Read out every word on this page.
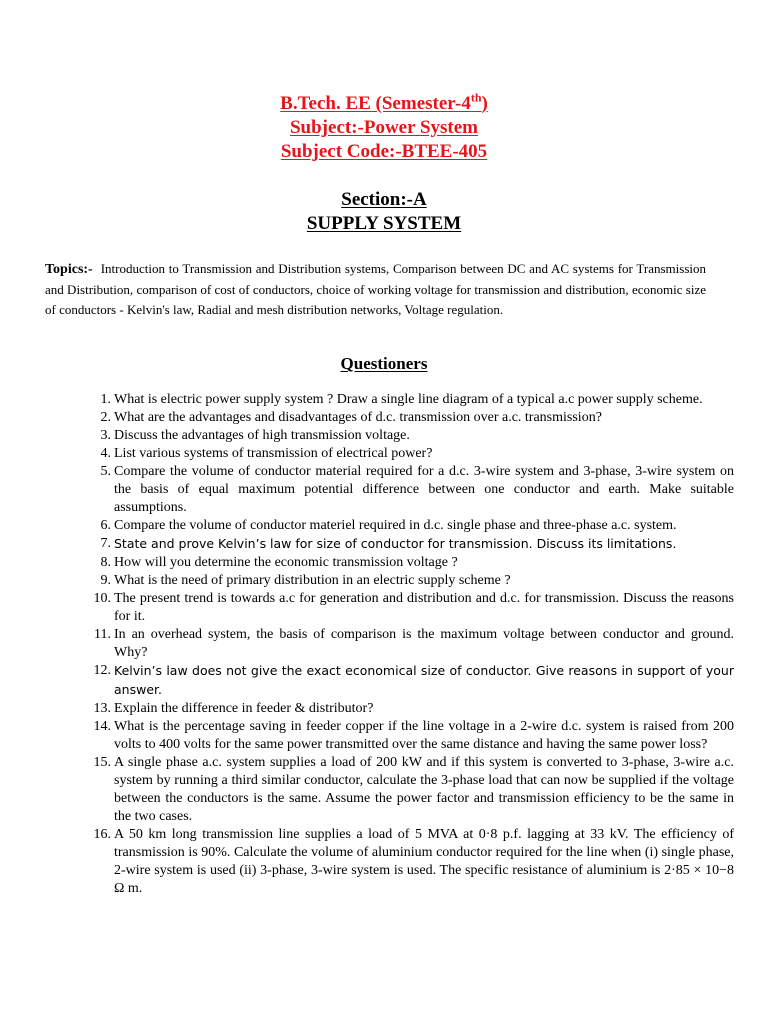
B.Tech. EE (Semester-4th)
Subject:-Power System
Subject Code:-BTEE-405
Section:-A
SUPPLY SYSTEM
Topics:- Introduction to Transmission and Distribution systems, Comparison between DC and AC systems for Transmission and Distribution, comparison of cost of conductors, choice of working voltage for transmission and distribution, economic size of conductors - Kelvin's law, Radial and mesh distribution networks, Voltage regulation.
Questioners
1. What is electric power supply system ? Draw a single line diagram of a typical a.c power supply scheme.
2. What are the advantages and disadvantages of d.c. transmission over a.c. transmission?
3. Discuss the advantages of high transmission voltage.
4. List various systems of transmission of electrical power?
5. Compare the volume of conductor material required for a d.c. 3-wire system and 3-phase, 3-wire system on the basis of equal maximum potential difference between one conductor and earth. Make suitable assumptions.
6. Compare the volume of conductor materiel required in d.c. single phase and three-phase a.c. system.
7. State and prove Kelvin’s law for size of conductor for transmission. Discuss its limitations.
8. How will you determine the economic transmission voltage ?
9. What is the need of primary distribution in an electric supply scheme ?
10. The present trend is towards a.c for generation and distribution and d.c. for transmission. Discuss the reasons for it.
11. In an overhead system, the basis of comparison is the maximum voltage between conductor and ground. Why?
12. Kelvin’s law does not give the exact economical size of conductor. Give reasons in support of your answer.
13. Explain the difference in feeder & distributor?
14. What is the percentage saving in feeder copper if the line voltage in a 2-wire d.c. system is raised from 200 volts to 400 volts for the same power transmitted over the same distance and having the same power loss?
15. A single phase a.c. system supplies a load of 200 kW and if this system is converted to 3-phase, 3-wire a.c. system by running a third similar conductor, calculate the 3-phase load that can now be supplied if the voltage between the conductors is the same. Assume the power factor and transmission efficiency to be the same in the two cases.
16. A 50 km long transmission line supplies a load of 5 MVA at 0·8 p.f. lagging at 33 kV. The efficiency of transmission is 90%. Calculate the volume of aluminium conductor required for the line when (i) single phase, 2-wire system is used (ii) 3-phase, 3-wire system is used. The specific resistance of aluminium is 2·85 × 10−8 Ω m.
